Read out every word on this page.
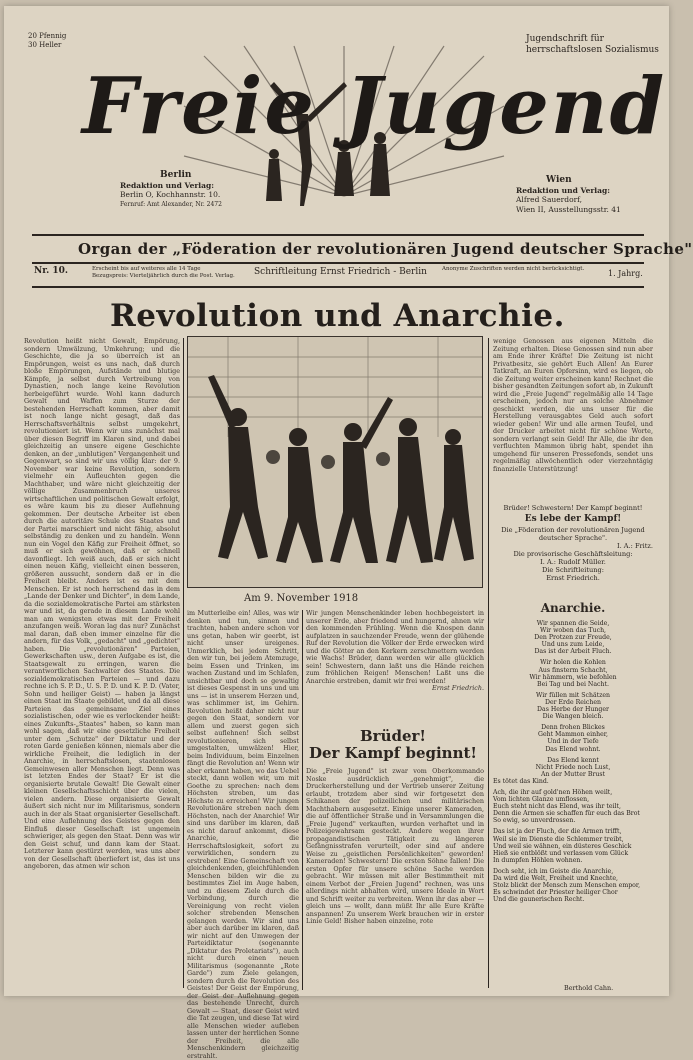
20 Pfennig
30 Heller
Jugendschrift für
herrschaftslosen Sozialismus
Freie Jugend
Berlin
Redaktion und Verlag:
Berlin O, Kochhannstr. 10.
Fernruf: Amt Alexander, Nr. 2472
Wien
Redaktion und Verlag:
Alfred Sauerdorf,
Wien II, Ausstellungsstr. 41
Organ der „Föderation der revolutionären Jugend deutscher Sprache"
Nr. 10.	Erscheint bis auf weiteres alle 14 Tage
Bezugspreis: Vierteljährlich durch die Post. Verlag.	Schriftleitung Ernst Friedrich - Berlin	Anonyme Zuschriften werden nicht berücksichtigt.	1. Jahrg.
Revolution und Anarchie.
Revolution heißt nicht Gewalt, Empörung, sondern Umwälzung, Umkehrung; und die Geschichte, die ja so überreich ist an Empörungen, weist es uns nach, daß durch bloße Empörungen, Aufstände und blutige Kämpfe, ja selbst durch Vertreibung von Dynastien, noch lange keine Revolution herbeigeführt wurde. Wohl kann dadurch Gewalt und Waffen zum Sturze der bestehenden Herrschaft kommen, aber damit ist noch lange nicht gesagt, daß das Herrschaftsverhältnis selbst umgekehrt, revolutioniert ist. Wenn wir uns zunächst mal über diesen Begriff im Klaren sind, und dabei gleichzeitig an unsere eigene Geschichte denken, an der „unblutigen" Vergangenheit und Gegenwart, so sind wir uns völlig klar: der 9. November war keine Revolution, sondern vielmehr ein Aufleuchten gegen die Machthaber, und wäre nicht gleichzeitig der völlige Zusammenbruch unseres wirtschaftlichen und politischen Gewalt erfolgt, es wäre kaum bis zu dieser Auflehnung gekommen. Der deutsche Arbeiter ist eben durch die autoritäre Schule des Staates und der Partei marschiert und nicht fähig, absolut selbständig zu denken und zu handeln. Wenn nun ein Vogel den Käfig zur Freiheit öffnet, so muß er sich gewöhnen, daß er schnell davonfliegt. Ich weiß auch, daß er sich nicht einen neuen Käfig, vielleicht einen besseren, größeren aussucht, sondern daß er in die Freiheit bleibt. Anders ist es mit dem Menschen. Er ist noch herrschend das in dem „Lande der Denker und Dichter", in dem Lande, da die sozialdemokratische Partei am stärksten war und ist, da gerade in diesem Lande wohl man am wenigsten etwas mit der Freiheit anzufangen weiß. Woran lag das nur? Zunächst mal daran, daß eben immer einzelne für die andern, für das Volk, „gedacht" und „gedichtet" haben. Die „revolutionären" Parteien, Gewerkschaften usw., deren Aufgabe es ist, die Staatsgewalt zu erringen, waren die verantwortlichen Sachwalter des Staates. Die sozialdemokratischen Parteien — und dazu rechne ich S. P. D., U. S. P. D. und K. P. D. (Vater, Sohn und heiliger Geist) — haben ja längst einen Staat im Staate gebildet, und da all diese Parteien das gemeinsame Ziel eines sozialistischen, oder wie es verlockender heißt: eines Zukunfts-„Staates" haben, so kann man wohl sagen, daß wir eine gesetzliche Freiheit unter dem „Schutze" der Diktatur und der roten Garde genießen können, niemals aber die wirkliche Freiheit, die lediglich in der Anarchie, in herrschaftslosen, staatenlosen Gemeinwesen aller Menschen liegt. Denn was ist letzten Endes der Staat? Er ist die organisierte brutale Gewalt! Die Gewalt einer kleinen Gesellschaftsschicht über die vielen, vielen andern. Diese organisierte Gewalt äußert sich nicht nur im Militarismus, sondern auch in der als Staat organisierter Gesellschaft. Und eine Auflehnung des Geistes gegen den Einfluß dieser Gesellschaft ist ungemein schwieriger, als gegen den Staat. Denn was wir den Geist schuf, und dann kam der Staat. Letzterer kann gestürzt werden, was uns aber von der Gesellschaft überliefert ist, das ist uns angeboren, das atmen wir schon
Am 9. November 1918
im Mutterleibe ein! Alles, was wir denken und tun, sinnen und trachten, haben andere schon vor uns getan, haben wir geerbt, ist nicht unser ureigenes. Unmerklich, bei jedem Schritt, den wir tun, bei jedem Atemzuge, beim Essen und Trinken, im wachen Zustand und im Schlafen, unsichtbar und doch so gewaltig ist dieses Gespenst in uns und um uns — ist in unserem Herzen und, was schlimmer ist, im Gehirn. Revolution heißt daher nicht nur gegen den Staat, sondern vor allem und zuerst gegen sich selbst auflehnen! Sich selbst revolutionieren, sich selbst umgestalten, umwälzen! Hier, beim Individuum, beim Einzelnen fängt die Revolution an! Wenn wir aber erkannt haben, wo das Uebel steckt, dann wollen wir, um mit Goethe zu sprechen: nach dem Höchsten streben, um das Höchste zu erreichen! Wir jungen Revolutionäre streben nach dem Höchsten, nach der Anarchie! Wir sind uns darüber im klaren, daß es nicht darauf ankommt, diese Anarchie, die Herrschaftslosigkeit, sofort zu verwirklichen, sondern zu erstreben! Eine Gemeinschaft von gleichdenkenden, gleichfühlenden Menschen bilden wir die zu bestimmtes Ziel im Auge haben, und zu diesem Ziele durch die Verbindung, durch die Vereinigung von recht vielen solcher strebenden Menschen gelangen werden. Wir sind uns aber auch darüber im klaren, daß wir nicht auf den Umwegen der Parteidiktatur (sogenannte „Diktatur des Proletariats"), auch nicht durch einen neuen Militarismus (sogenannte „Rote Garde") zum Ziele gelangen, sondern durch die Revolution des Geistes! Der Geist der Empörung, der Geist der Auflehnung gegen das bestehende Unrecht, durch Gewalt — Staat, dieser Geist wird die Tat zeugen, und diese Tat wird alle Menschen wieder aufleben lassen unter der herrlichen Sonne der Freiheit, die alle Menschenkindern gleichzeitig erstrahlt.
Wir jungen Menschenkinder leben hochbegeistert in unserer Erde, aber friedend und hungernd, ahnen wir den kommenden Frühling. Wenn die Knospen dann aufplatzen in sauchzender Freude, wenn der glühende Ruf der Revolution die Völker der Erde erwecken wird und die Götter an den Kerkern zerschmettern werden wie Wachs! Brüder, dann werden wir alle glücklich sein! Schwestern, dann laßt uns die Hände reichen zum fröhlichen Reigen! Menschen! Laßt uns die Anarchie erstreben, damit wir frei werden!
Ernst Friedrich.
Brüder!
Der Kampf beginnt!
Die „Freie Jugend" ist zwar vom Oberkommando Noske ausdrücklich „genehmigt", die Druckerherstellung und der Vertrieb unserer Zeitung erlaubt, trotzdem aber sind wir fortgesetzt den Schikanen der polizeilichen und militärischen Machthabern ausgesetzt. Einige unserer Kameraden, die auf öffentlicher Straße und in Versammlungen die „Freie Jugend" verkauften, wurden verhaftet und in Polizeigewahrsam gesteckt. Andere wegen ihrer propagandistischen Tätigkeit zu längeren Gefängnisstrafen verurteilt, oder sind auf andere Weise zu „geistlichen Persönlichkeiten" geworden! Kameraden! Schwestern! Die ersten Söhne fallen! Die ersten Opfer für unsere schöne Sache werden gebracht. Wir müssen mit aller Bestimmtheit mit einem Verbot der „Freien Jugend" rechnen, was uns allerdings nicht abhalten wird, unsere Ideale in Wort und Schrift weiter zu verbreiten. Wenn ihr das aber — gleich uns — wollt, dann müßt Ihr alle Eure Kräfte anspannen! Zu unserem Werk brauchen wir in erster Linie Geld! Bisher haben einzelne, rote
wenige Genossen aus eigenen Mitteln die Zeitung erhalten. Diese Genossen sind nun aber am Ende ihrer Kräfte! Die Zeitung ist nicht Privatbesitz, sie gehört Euch Allen! An Eurer Tatkraft, an Euren Opfersinn, wird es liegen, ob die Zeitung weiter erscheinen kann! Rechnet die bisher gesandten Zeitungen sofort ab, in Zukunft wird die „Freie Jugend" regelmäßig alle 14 Tage erscheinen, jedoch nur an solche Abnehmer geschickt werden, die uns unser für die Herstellung verausgabtes Geld auch sofort wieder geben! Wir und alle armen Teufel, und der Drucker arbeitet nicht für schöne Worte, sondern verlangt sein Geld! Ihr Alle, die ihr den verfluchten Mammon übrig habt, spendet ihn umgehend für unseren Pressefonds, sendet uns regelmäßig allwöchentlich oder vierzehntägig finanzielle Unterstützung!
Brüder! Schwestern! Der Kampf beginnt!
Es lebe der Kampf!
Die „Föderation der revolutionären Jugend deutscher Sprache".
I. A.: Fritz.
Die provisorische Geschäftsleitung:
I. A.: Rudolf Müller.
Die Schriftleitung:
Ernst Friedrich.
Anarchie.
Wir spannen die Seide,
Wir woben das Tuch,
Den Protzen zur Freude,
Und uns zum Leide,
Das ist der Arbeit Fluch.
Wir holen die Kohlen
Aus finsterm Schacht,
Wir hämmern, wie befohlen
Bei Tag und bei Nacht.
Wir füllen mit Schätzen
Der Erde Reichen
Das Herbe der Hunger
Die Wangen bleich.
Denn frohen Blickes
Geht Mammon einher,
Und in der Tiefe
Das Elend wohnt.
Das Elend kennt
Nicht Friede noch Lust,
An der Mutter Brust
Es tötet das Kind.
Ach, die ihr auf gold'nen Höhen weilt,
Vom lichten Glanze umflossen,
Euch steht nicht das Elend, was ihr teilt,
Denn die Armen sie schaffen für euch das Brot
So ewig, so unverdrossen.
Das ist ja der Fluch, der die Armen trifft,
Weil sie im Dienste die Schlemmer treibt,
Und weil sie wähnen, ein düsteres Geschick
Hieß sie entblößt und verlassen vom Glück
In dumpfen Höhlen wohnen.
Doch seht, ich im Geiste die Anarchie,
Da wird die Welt, Freiheit und Knechte,
Stolz blickt der Mensch zum Menschen empor,
Es schwindet der Priester heiliger Chor
Und die gaunerischen Recht.
Berthold Cahn.
